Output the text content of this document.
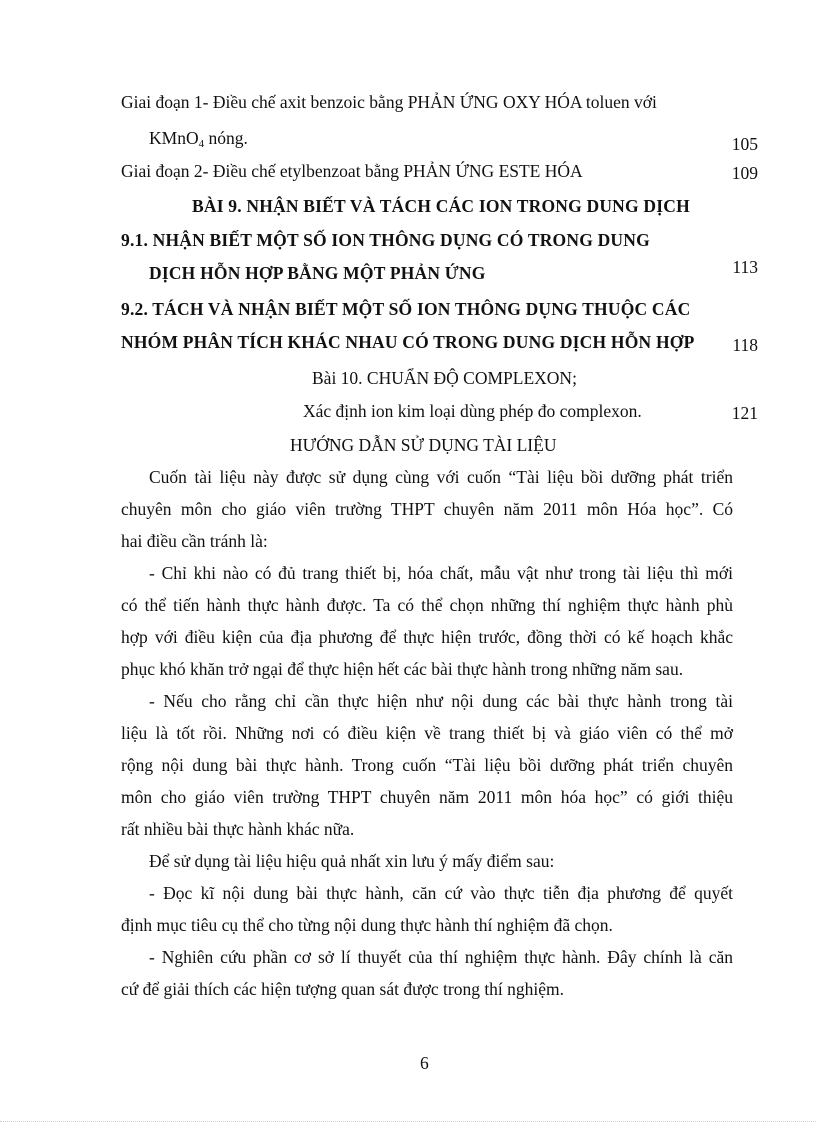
Giai đoạn 1- Điều chế axit benzoic bằng PHẢN ỨNG OXY HÓA toluen với
KMnO$_4$ nóng.	105
Giai đoạn 2- Điều chế etylbenzoat bằng PHẢN ỨNG ESTE HÓA	109
BÀI 9. NHẬN BIẾT VÀ TÁCH CÁC ION TRONG DUNG DỊCH
9.1. NHẬN BIẾT MỘT SỐ ION THÔNG DỤNG CÓ TRONG DUNG
DỊCH HỖN HỢP BẰNG MỘT PHẢN ỨNG	113
9.2. TÁCH VÀ NHẬN BIẾT MỘT SỐ ION THÔNG DỤNG THUỘC CÁC
NHÓM PHÂN TÍCH KHÁC NHAU CÓ TRONG DUNG DỊCH HỖN HỢP 118
Bài 10. CHUẨN ĐỘ COMPLEXON;
Xác định ion kim loại dùng phép đo complexon.	121
HƯỚNG DẪN SỬ DỤNG TÀI LIỆU
Cuốn tài liệu này được sử dụng cùng với cuốn “Tài liệu bồi dưỡng phát triển
chuyên môn cho giáo viên trường THPT chuyên năm 2011 môn Hóa học”. Có
hai điều cần tránh là:
- Chỉ khi nào có đủ trang thiết bị, hóa chất, mẫu vật như trong tài liệu thì mới
có thể tiến hành thực hành được. Ta có thể chọn những thí nghiệm thực hành phù
hợp với điều kiện của địa phương để thực hiện trước, đồng thời có kế hoạch khắc
phục khó khăn trở ngại để thực hiện hết các bài thực hành trong những năm sau.
- Nếu cho rằng chỉ cần thực hiện như nội dung các bài thực hành trong tài
liệu là tốt rồi. Những nơi có điều kiện về trang thiết bị và giáo viên có thể mở
rộng nội dung bài thực hành. Trong cuốn “Tài liệu bồi dưỡng phát triển chuyên
môn cho giáo viên trường THPT chuyên năm 2011 môn hóa học” có giới thiệu
rất nhiều bài thực hành khác nữa.
Để sử dụng tài liệu hiệu quả nhất xin lưu ý mấy điểm sau:
- Đọc kĩ nội dung bài thực hành, căn cứ vào thực tiễn địa phương để quyết
định mục tiêu cụ thể cho từng nội dung thực hành thí nghiệm đã chọn.
- Nghiên cứu phần cơ sở lí thuyết của thí nghiệm thực hành. Đây chính là căn
cứ để giải thích các hiện tượng quan sát được trong thí nghiệm.
6
